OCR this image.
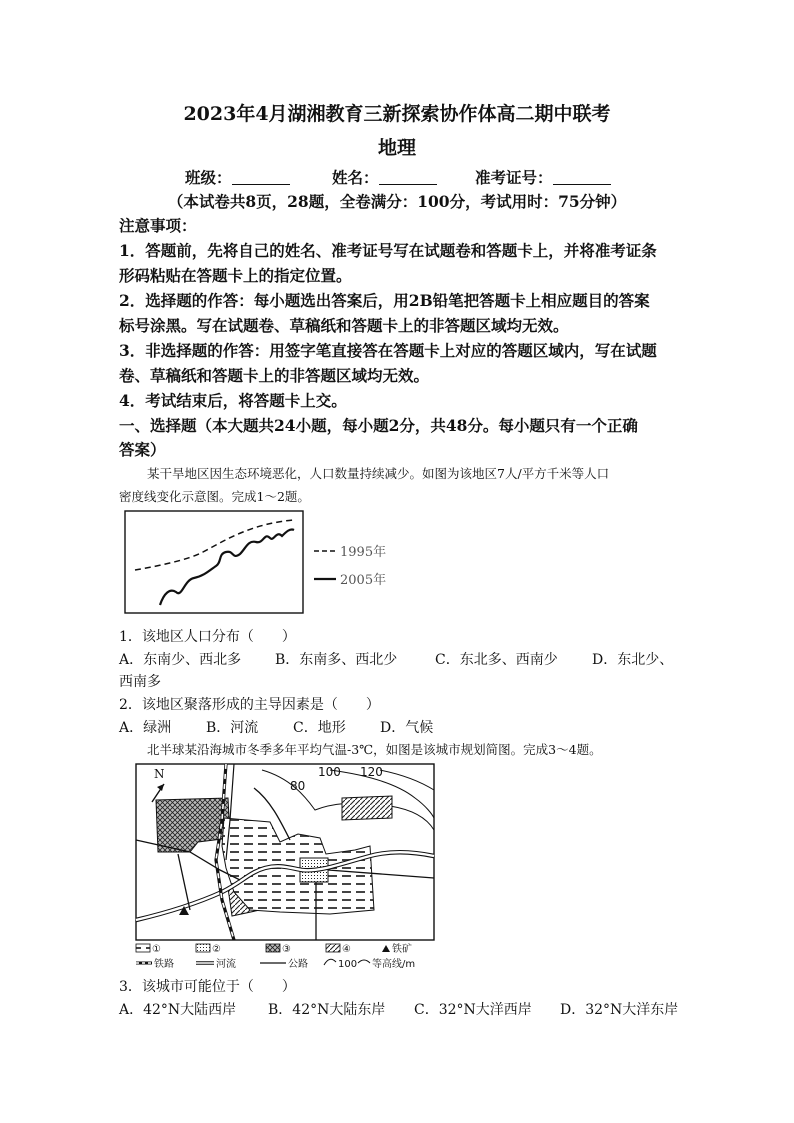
2023年4月湖湘教育三新探索协作体高二期中联考
地理
班级：	姓名：	准考证号：
（本试卷共8页，28题，全卷满分：100分，考试用时：75分钟）
注意事项：
1．答题前，先将自己的姓名、准考证号写在试题卷和答题卡上，并将准考证条
形码粘贴在答题卡上的指定位置。
2．选择题的作答：每小题选出答案后，用2B铅笔把答题卡上相应题目的答案
标号涂黑。写在试题卷、草稿纸和答题卡上的非答题区域均无效。
3．非选择题的作答：用签字笔直接答在答题卡上对应的答题区域内，写在试题
卷、草稿纸和答题卡上的非答题区域均无效。
4．考试结束后，将答题卡上交。
一、选择题（本大题共24小题，每小题2分，共48分。每小题只有一个正确
答案）
某干旱地区因生态环境恶化，人口数量持续减少。如图为该地区7人/平方千米等人口
密度线变化示意图。完成1～2题。
1995年
2005年
1．该地区人口分布（　　）
A．东南少、西北多 B．东南多、西北少	C．东北多、西南少 D．东北少、
西南多
2．该地区聚落形成的主导因素是（　　）
A．绿洲 B．河流 C．地形 D．气候
北半球某沿海城市冬季多年平均气温-3℃，如图是该城市规划简图。完成3～4题。
N
80
100 120
①	②	③	④	铁矿
铁路	河流	公路	100 等高线/m
3．该城市可能位于（　　）
A．42°N大陆西岸 B．42°N大陆东岸 C．32°N大洋西岸 D．32°N大洋东岸
